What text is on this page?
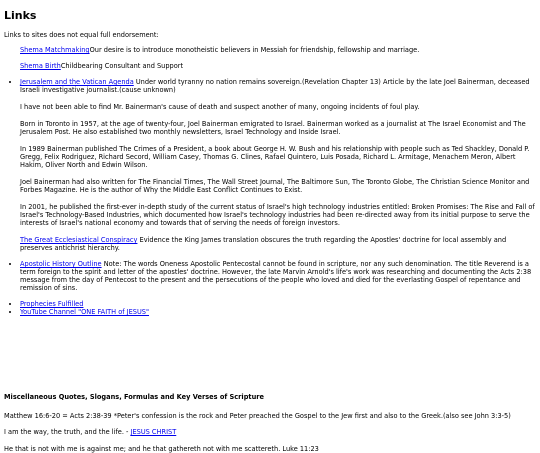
Links

Links to sites does not equal full endorsement:

Shema MatchmakingOur desire is to introduce monotheistic believers in Messiah for friendship, fellowship and marriage.

Shema BirthChildbearing Consultant and Support

• Jerusalem and the Vatican Agenda Under world tyranny no nation remains sovereign.(Revelation Chapter 13) Article by the late Joel Bainerman, deceased Israeli investigative journalist.(cause unknown)

I have not been able to find Mr. Bainerman's cause of death and suspect another of many, ongoing incidents of foul play.

Born in Toronto in 1957, at the age of twenty-four, Joel Bainerman emigrated to Israel. Bainerman worked as a journalist at The Israel Economist and The Jerusalem Post. He also established two monthly newsletters, Israel Technology and Inside Israel.

In 1989 Bainerman published The Crimes of a President, a book about George H. W. Bush and his relationship with people such as Ted Shackley, Donald P. Gregg, Felix Rodriguez, Richard Secord, William Casey, Thomas G. Clines, Rafael Quintero, Luis Posada, Richard L. Armitage, Menachem Meron, Albert Hakim, Oliver North and Edwin Wilson.

Joel Bainerman had also written for The Financial Times, The Wall Street Journal, The Baltimore Sun, The Toronto Globe, The Christian Science Monitor and Forbes Magazine. He is the author of Why the Middle East Conflict Continues to Exist.

In 2001, he published the first-ever in-depth study of the current status of Israel's high technology industries entitled: Broken Promises: The Rise and Fall of Israel's Technology-Based Industries, which documented how Israel's technology industries had been re-directed away from its initial purpose to serve the interests of Israel's national economy and towards that of serving the needs of foreign investors.

The Great Ecclesiastical Conspiracy Evidence the King James translation obscures the truth regarding the Apostles' doctrine for local assembly and preserves antichrist hierarchy.

• Apostolic History Outline Note: The words Oneness Apostolic Pentecostal cannot be found in scripture, nor any such denomination. The title Reverend is a term foreign to the spirit and letter of the apostles' doctrine. However, the late Marvin Arnold's life's work was researching and documenting the Acts 2:38 message from the day of Pentecost to the present and the persecutions of the people who loved and died for the everlasting Gospel of repentance and remission of sins.
• Prophecies Fulfilled
• YouTube Channel "ONE FAITH of JESUS"

Miscellaneous Quotes, Slogans, Formulas and Key Verses of Scripture

Matthew 16:6-20 = Acts 2:38-39 *Peter's confession is the rock and Peter preached the Gospel to the Jew first and also to the Greek.(also see John 3:3-5)

I am the way, the truth, and the life. - JESUS CHRIST

He that is not with me is against me; and he that gathereth not with me scattereth. Luke 11:23
